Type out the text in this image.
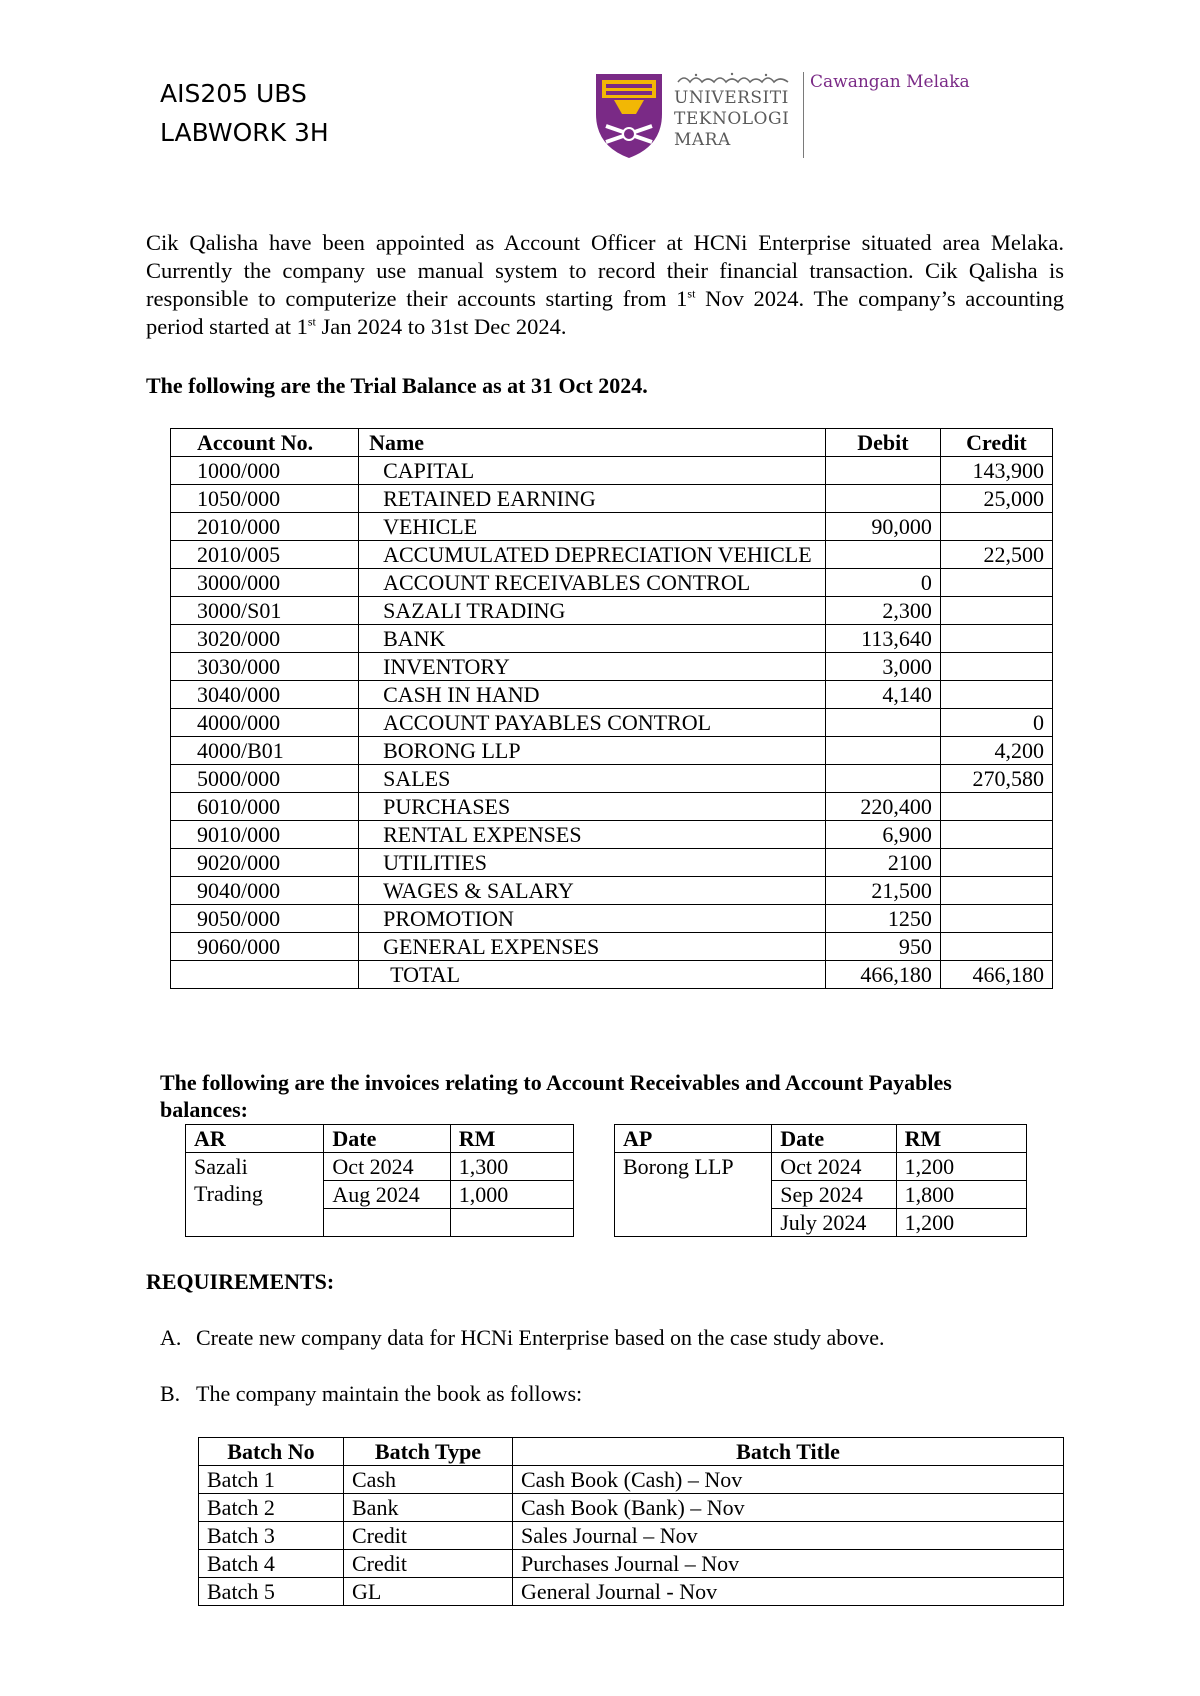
AIS205 UBS
LABWORK 3H
UNIVERSITI
TEKNOLOGI
MARA
Cawangan Melaka
Cik Qalisha have been appointed as Account Officer at HCNi Enterprise situated area Melaka. Currently the company use manual system to record their financial transaction. Cik Qalisha is responsible to computerize their accounts starting from 1st Nov 2024. The company’s accounting period started at 1st Jan 2024 to 31st Dec 2024.
The following are the Trial Balance as at 31 Oct 2024.
Account No.	Name	Debit	Credit
1000/000	CAPITAL		143,900
1050/000	RETAINED EARNING		25,000
2010/000	VEHICLE	90,000	
2010/005	ACCUMULATED DEPRECIATION VEHICLE		22,500
3000/000	ACCOUNT RECEIVABLES CONTROL	0	
3000/S01	SAZALI TRADING	2,300	
3020/000	BANK	113,640	
3030/000	INVENTORY	3,000	
3040/000	CASH IN HAND	4,140	
4000/000	ACCOUNT PAYABLES CONTROL		0
4000/B01	BORONG LLP		4,200
5000/000	SALES		270,580
6010/000	PURCHASES	220,400	
9010/000	RENTAL EXPENSES	6,900	
9020/000	UTILITIES	2100	
9040/000	WAGES & SALARY	21,500	
9050/000	PROMOTION	1250	
9060/000	GENERAL EXPENSES	950	
	TOTAL	466,180	466,180
The following are the invoices relating to Account Receivables and Account Payables
balances:
AR	Date	RM

Sazali
Trading	Oct 2024	1,300
	Aug 2024	1,000

AP	Date	RM
Borong LLP	Oct 2024	1,200
	Sep 2024	1,800
	July 2024	1,200
REQUIREMENTS:
A. Create new company data for HCNi Enterprise based on the case study above.
B. The company maintain the book as follows:
Batch No	Batch Type	Batch Title
Batch 1	Cash	Cash Book (Cash) – Nov
Batch 2	Bank	Cash Book (Bank) – Nov
Batch 3	Credit	Sales Journal – Nov
Batch 4	Credit	Purchases Journal – Nov
Batch 5	GL	General Journal - Nov
